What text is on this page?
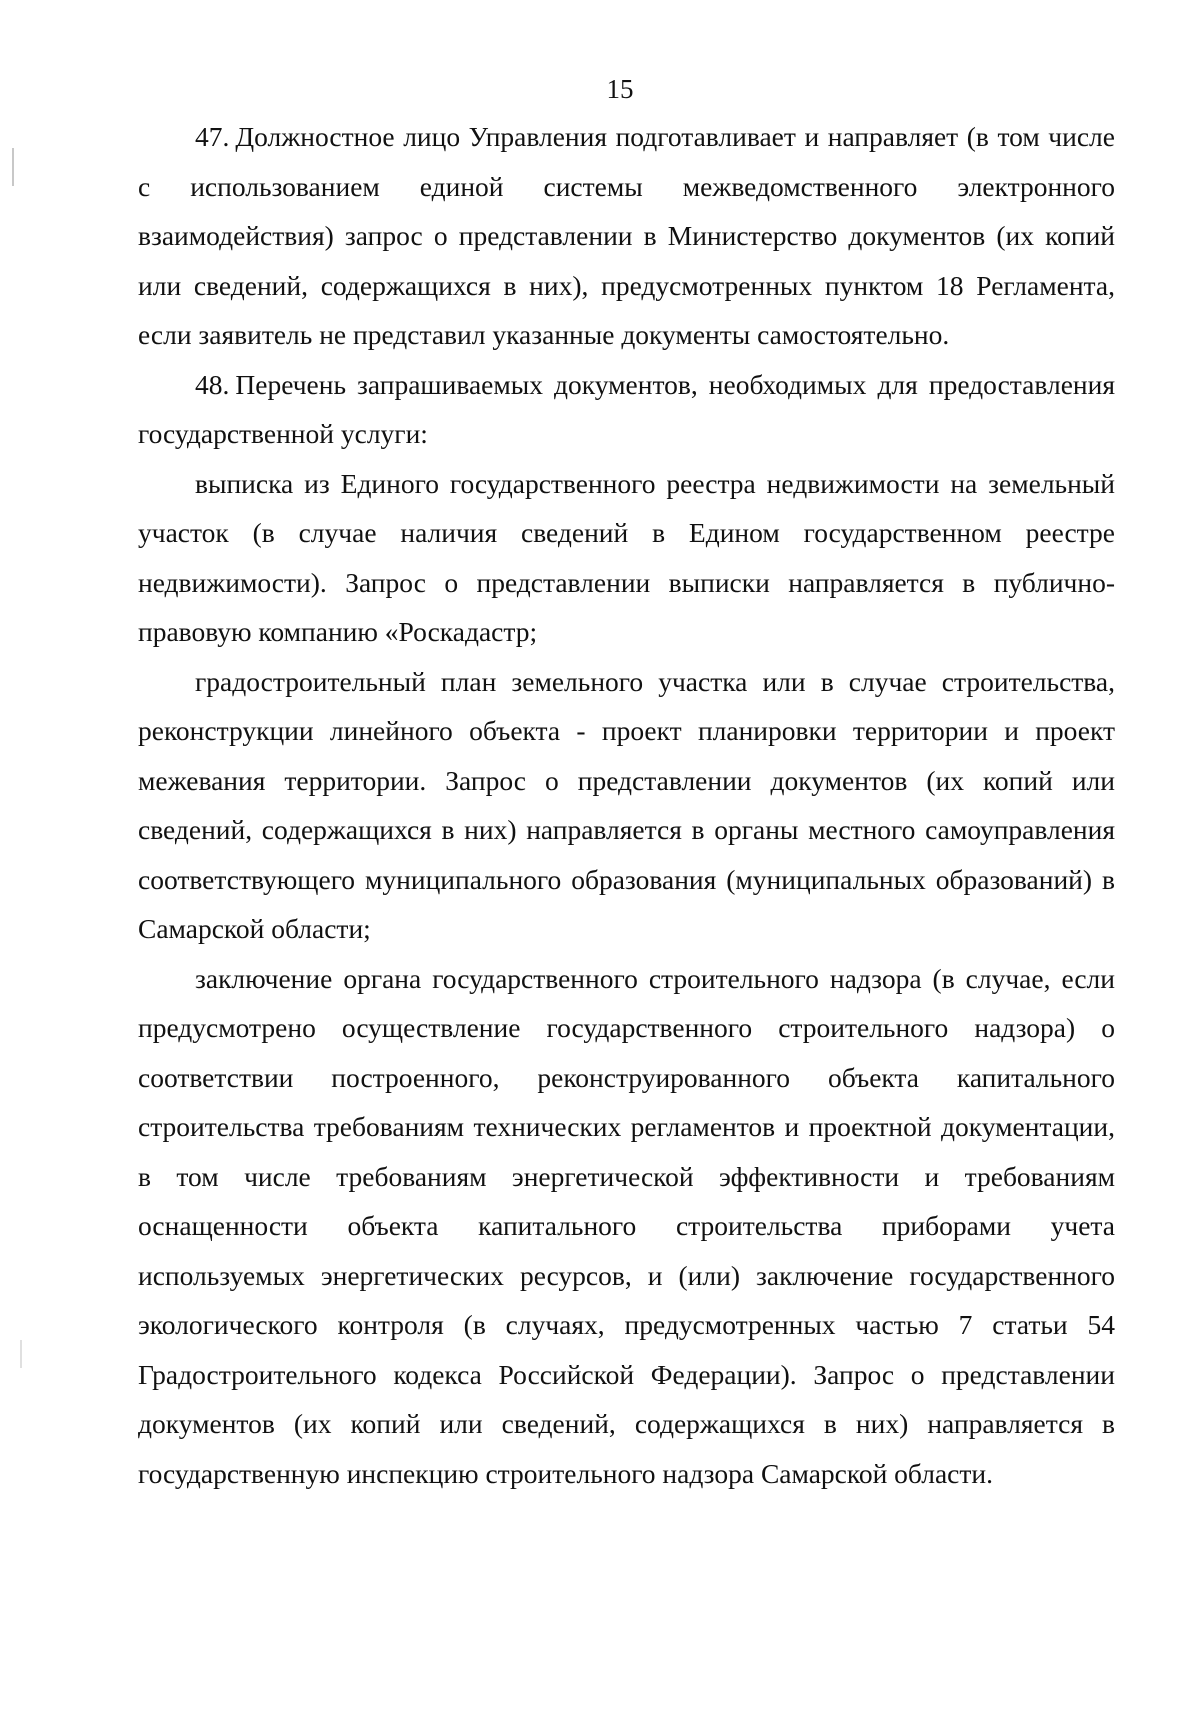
15

47. Должностное лицо Управления подготавливает и направляет (в том числе с использованием единой системы межведомственного электронного взаимодействия) запрос о представлении в Министерство документов (их копий или сведений, содержащихся в них), предусмотренных пунктом 18 Регламента, если заявитель не представил указанные документы самостоятельно.

48. Перечень запрашиваемых документов, необходимых для предоставления государственной услуги:

выписка из Единого государственного реестра недвижимости на земельный участок (в случае наличия сведений в Едином государственном реестре недвижимости). Запрос о представлении выписки направляется в публично-правовую компанию «Роскадастр;

градостроительный план земельного участка или в случае строительства, реконструкции линейного объекта - проект планировки территории и проект межевания территории. Запрос о представлении документов (их копий или сведений, содержащихся в них) направляется в органы местного самоуправления соответствующего муниципального образования (муниципальных образований) в Самарской области;

заключение органа государственного строительного надзора (в случае, если предусмотрено осуществление государственного строительного надзора) о соответствии построенного, реконструированного объекта капитального строительства требованиям технических регламентов и проектной документации, в том числе требованиям энергетической эффективности и требованиям оснащенности объекта капитального строительства приборами учета используемых энергетических ресурсов, и (или) заключение государственного экологического контроля (в случаях, предусмотренных частью 7 статьи 54 Градостроительного кодекса Российской Федерации). Запрос о представлении документов (их копий или сведений, содержащихся в них) направляется в государственную инспекцию строительного надзора Самарской области.
